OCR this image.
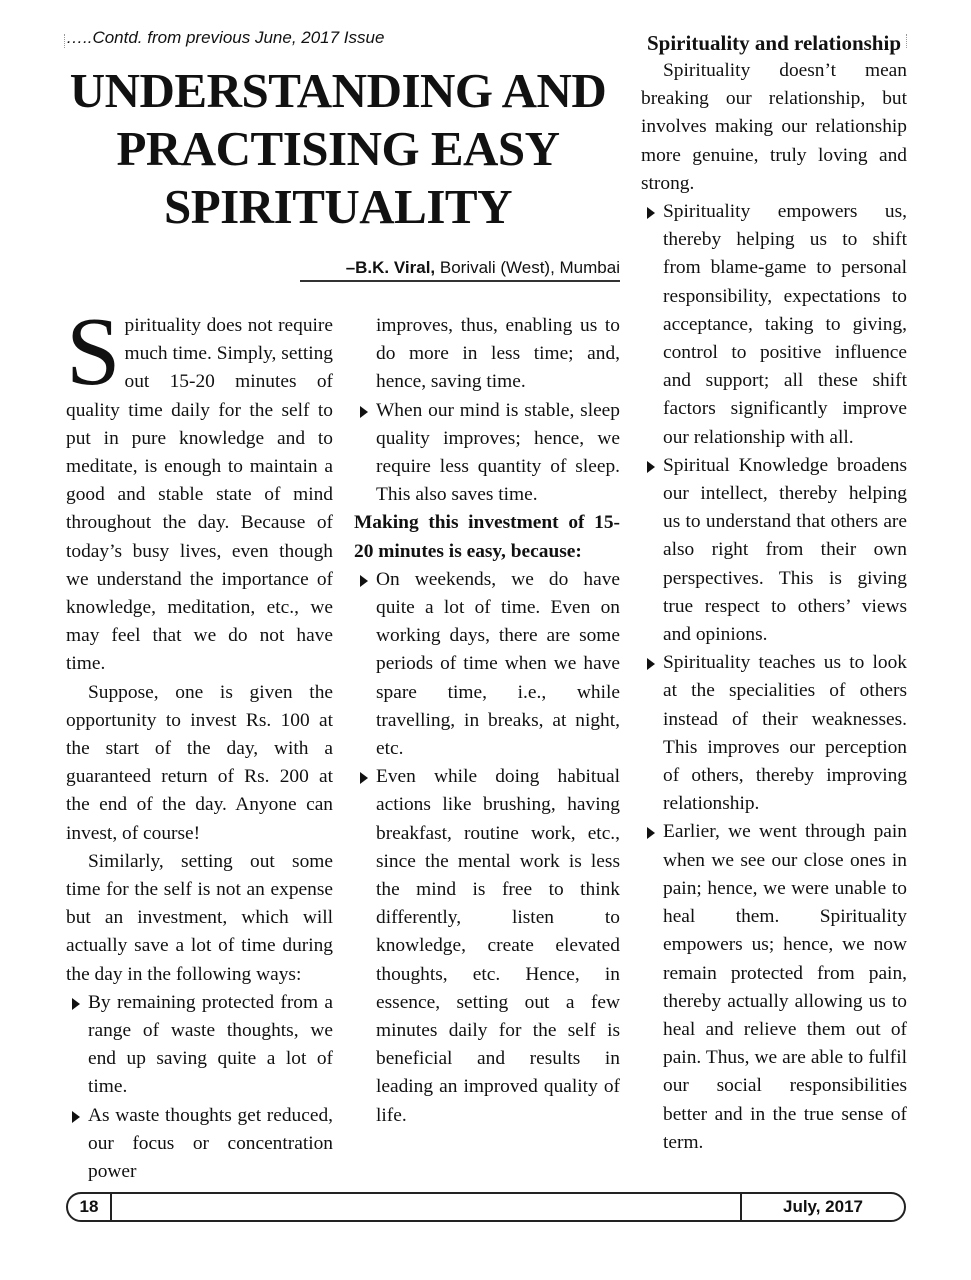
…..Contd. from previous June, 2017 Issue
UNDERSTANDING AND PRACTISING EASY SPIRITUALITY
–B.K. Viral, Borivali (West), Mumbai

Spirituality does not require much time. Simply, setting out 15-20 minutes of quality time daily for the self to put in pure knowledge and to meditate, is enough to maintain a good and stable state of mind throughout the day. Because of today’s busy lives, even though we understand the importance of knowledge, meditation, etc., we may feel that we do not have time.

Suppose, one is given the opportunity to invest Rs. 100 at the start of the day, with a guaranteed return of Rs. 200 at the end of the day. Anyone can invest, of course!

Similarly, setting out some time for the self is not an expense but an investment, which will actually save a lot of time during the day in the following ways:

By remaining protected from a range of waste thoughts, we end up saving quite a lot of time.

As waste thoughts get reduced, our focus or concentration power

improves, thus, enabling us to do more in less time; and, hence, saving time.

When our mind is stable, sleep quality improves; hence, we require less quantity of sleep. This also saves time.

Making this investment of 15-20 minutes is easy, because:

On weekends, we do have quite a lot of time. Even on working days, there are some periods of time when we have spare time, i.e., while travelling, in breaks, at night, etc.

Even while doing habitual actions like brushing, having breakfast, routine work, etc., since the mental work is less the mind is free to think differently, listen to knowledge, create elevated thoughts, etc. Hence, in essence, setting out a few minutes daily for the self is beneficial and results in leading an improved quality of life.

Spirituality and relationship

Spirituality doesn’t mean breaking our relationship, but involves making our relationship more genuine, truly loving and strong.

Spirituality empowers us, thereby helping us to shift from blame-game to personal responsibility, expectations to acceptance, taking to giving, control to positive influence and support; all these shift factors significantly improve our relationship with all.

Spiritual Knowledge broadens our intellect, thereby helping us to understand that others are also right from their own perspectives. This is giving true respect to others’ views and opinions.

Spirituality teaches us to look at the specialities of others instead of their weaknesses. This improves our perception of others, thereby improving relationship.

Earlier, we went through pain when we see our close ones in pain; hence, we were unable to heal them. Spirituality empowers us; hence, we now remain protected from pain, thereby actually allowing us to heal and relieve them out of pain. Thus, we are able to fulfil our social responsibilities better and in the true sense of term.

18	July, 2017
